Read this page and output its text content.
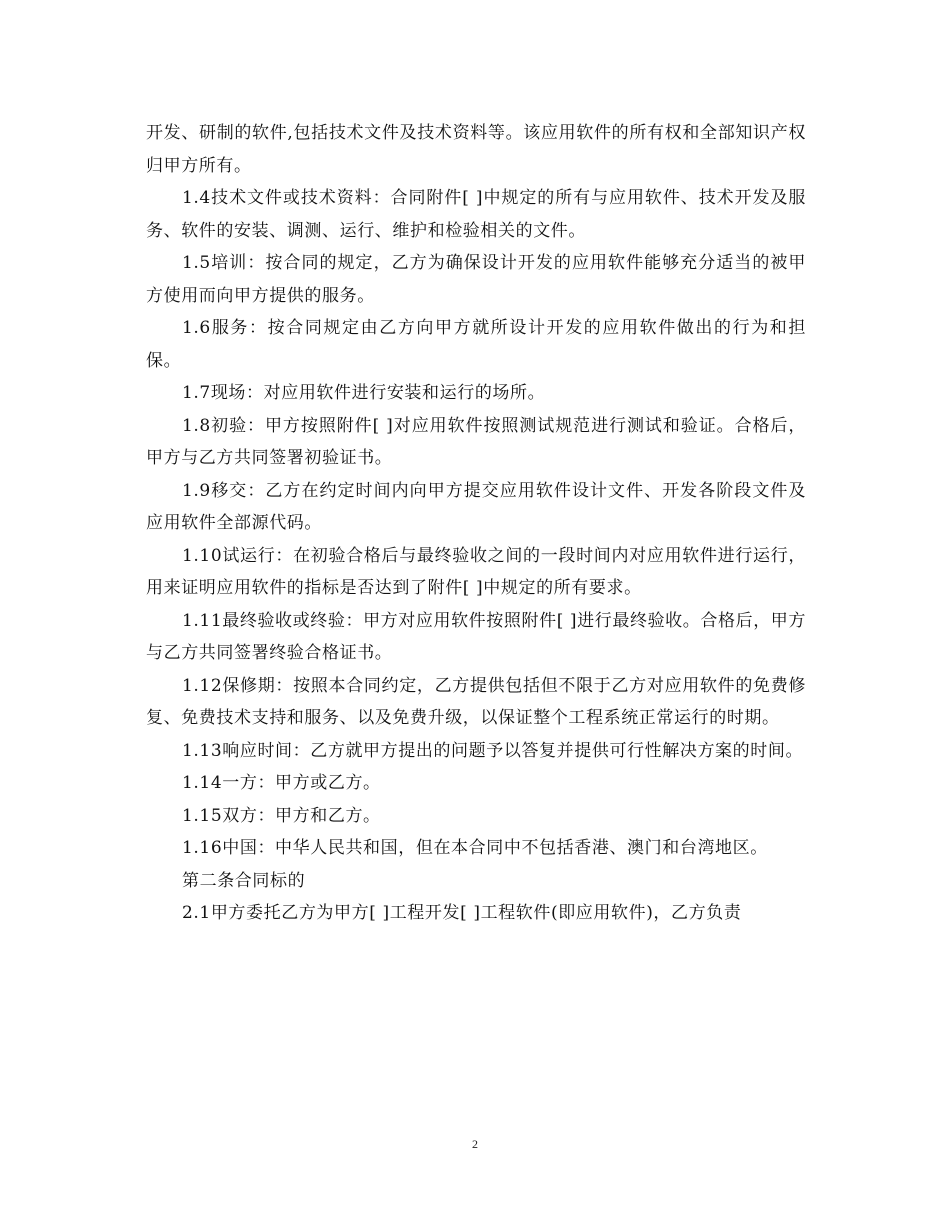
开发、研制的软件,包括技术文件及技术资料等。该应用软件的所有权和全部知识产权归甲方所有。

1.4技术文件或技术资料：合同附件[ ]中规定的所有与应用软件、技术开发及服务、软件的安装、调测、运行、维护和检验相关的文件。

1.5培训：按合同的规定，乙方为确保设计开发的应用软件能够充分适当的被甲方使用而向甲方提供的服务。

1.6服务：按合同规定由乙方向甲方就所设计开发的应用软件做出的行为和担保。

1.7现场：对应用软件进行安装和运行的场所。

1.8初验：甲方按照附件[ ]对应用软件按照测试规范进行测试和验证。合格后，甲方与乙方共同签署初验证书。

1.9移交：乙方在约定时间内向甲方提交应用软件设计文件、开发各阶段文件及应用软件全部源代码。

1.10试运行：在初验合格后与最终验收之间的一段时间内对应用软件进行运行，用来证明应用软件的指标是否达到了附件[ ]中规定的所有要求。

1.11最终验收或终验：甲方对应用软件按照附件[ ]进行最终验收。合格后，甲方与乙方共同签署终验合格证书。

1.12保修期：按照本合同约定，乙方提供包括但不限于乙方对应用软件的免费修复、免费技术支持和服务、以及免费升级，以保证整个工程系统正常运行的时期。

1.13响应时间：乙方就甲方提出的问题予以答复并提供可行性解决方案的时间。

1.14一方：甲方或乙方。

1.15双方：甲方和乙方。

1.16中国：中华人民共和国，但在本合同中不包括香港、澳门和台湾地区。

第二条合同标的

2.1甲方委托乙方为甲方[ ]工程开发[ ]工程软件(即应用软件)，乙方负责

2
